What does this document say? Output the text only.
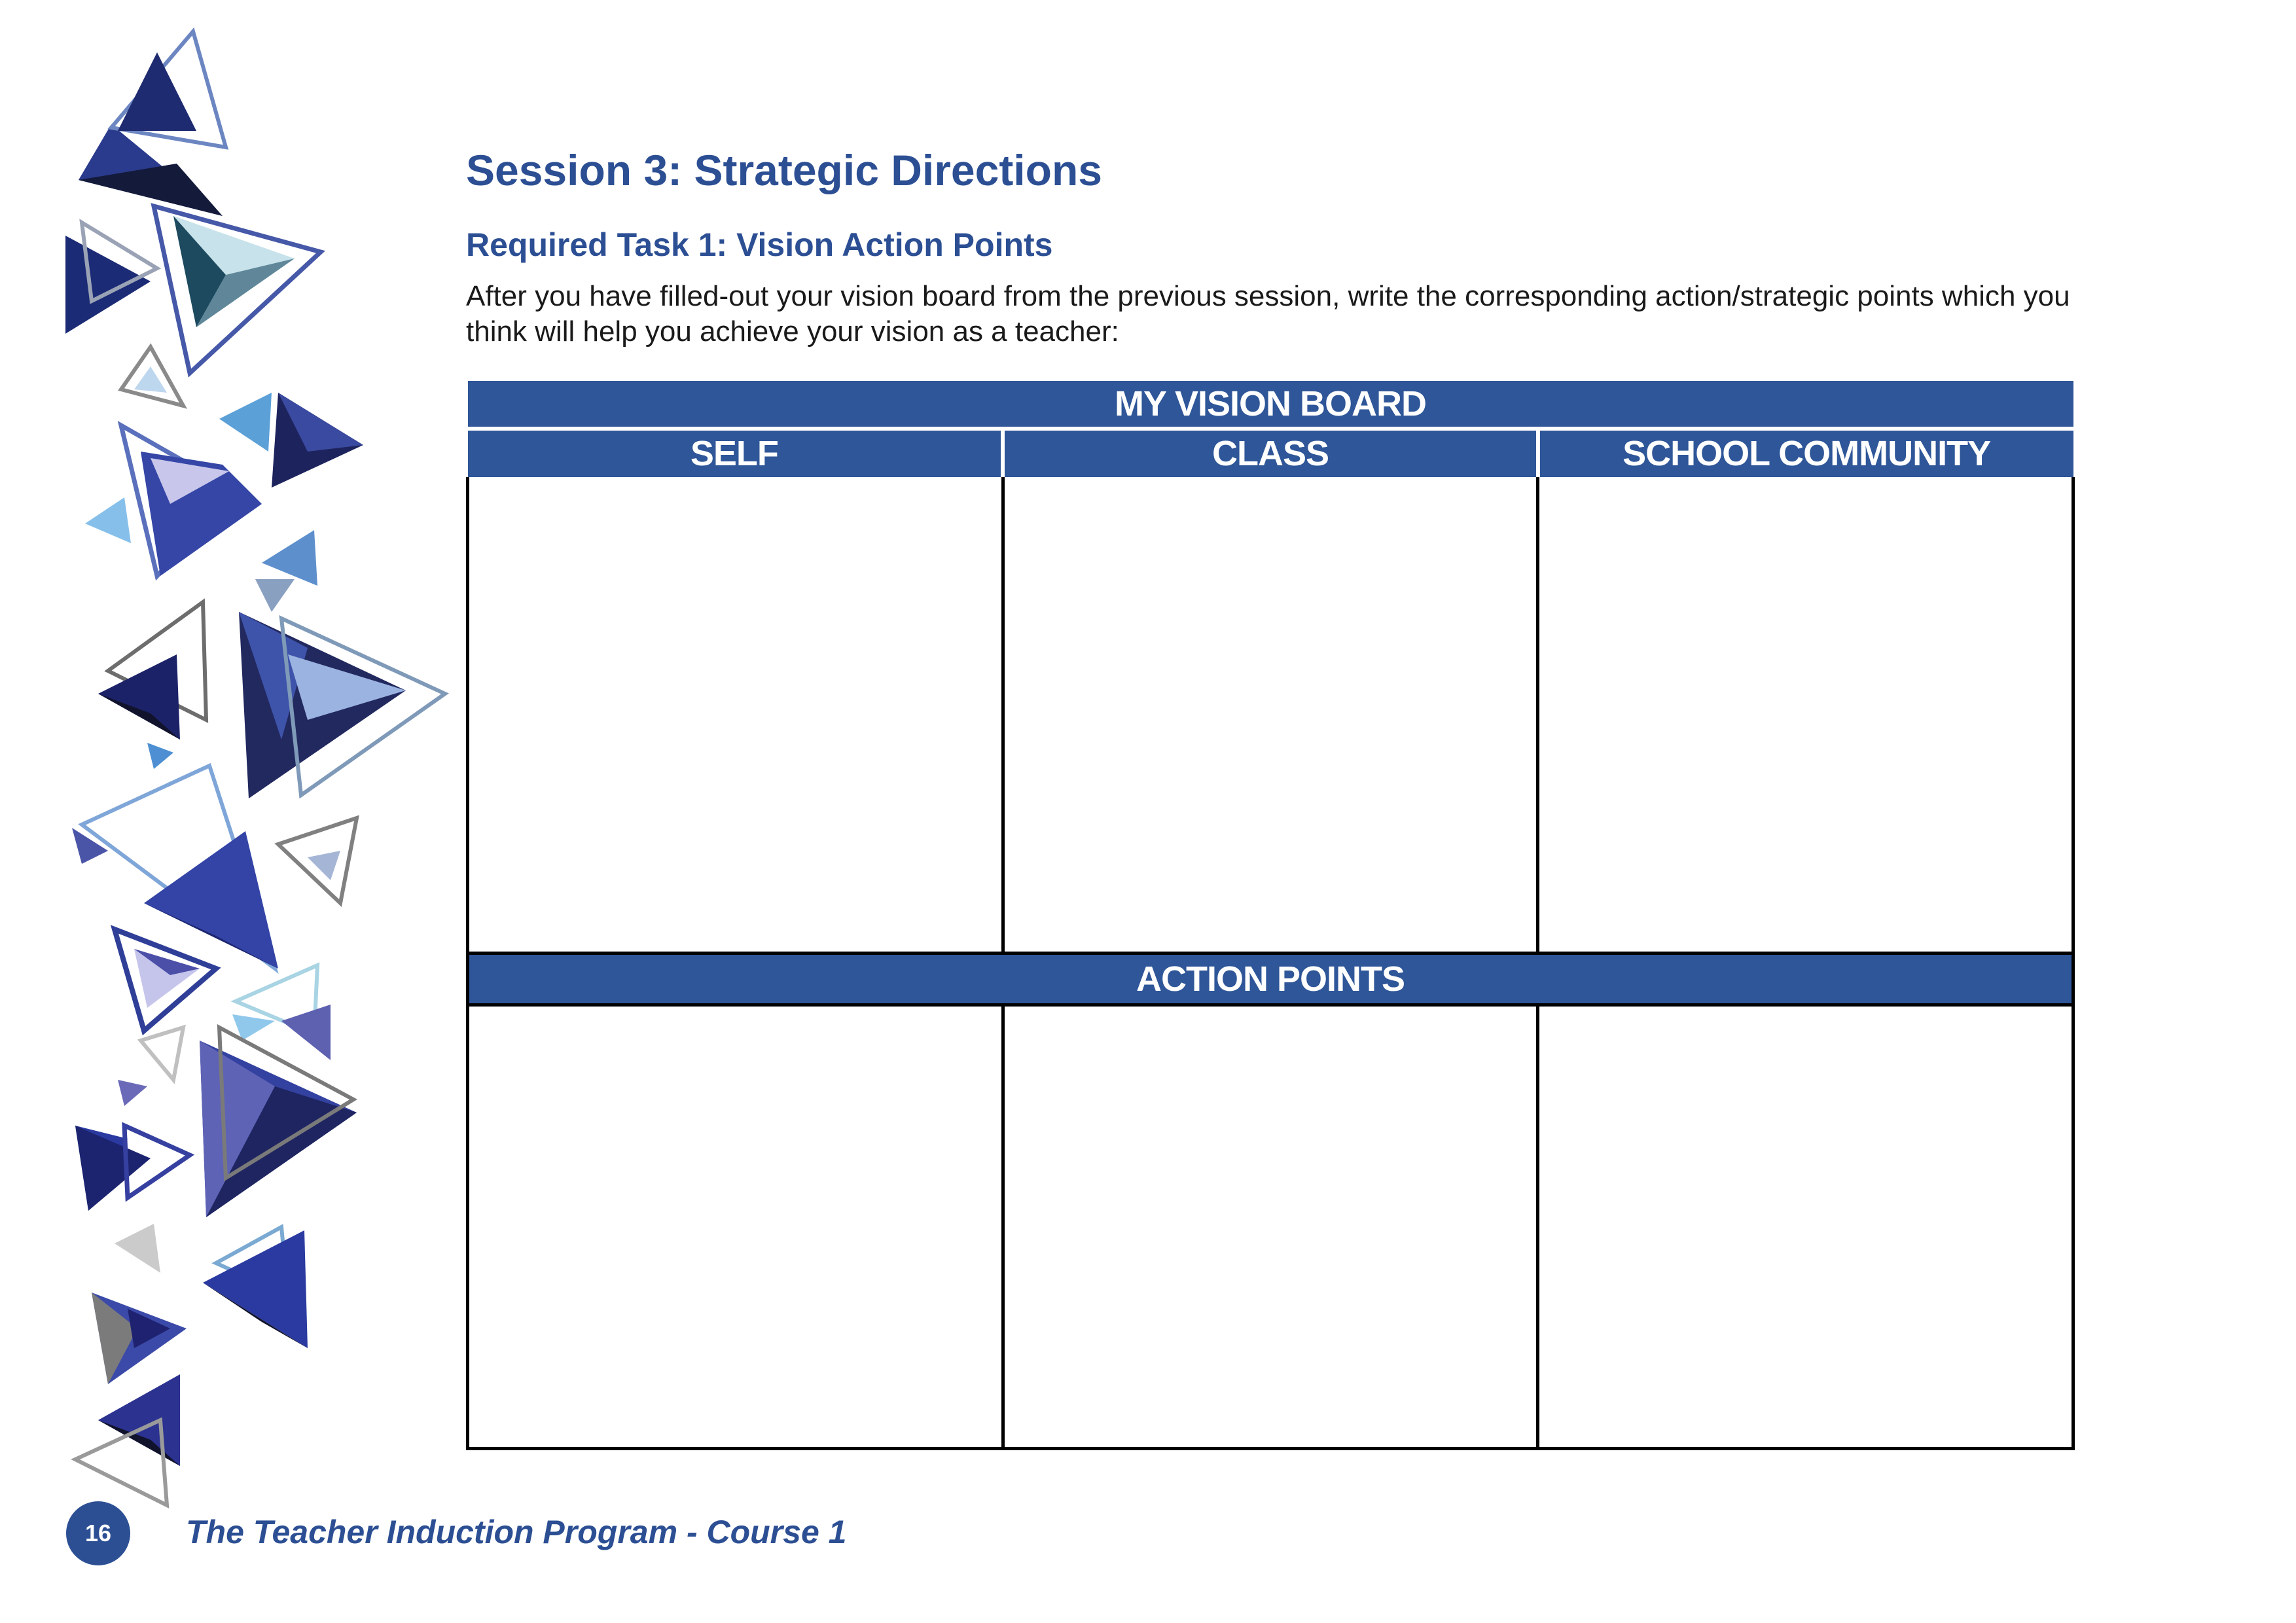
Session 3: Strategic Directions
Required Task 1: Vision Action Points

After you have filled-out your vision board from the previous session, write the corresponding action/strategic points which you think will help you achieve your vision as a teacher:

MY VISION BOARD		
SELF	CLASS	SCHOOL COMMUNITY

ACTION POINTS		

16	The Teacher Induction Program - Course 1
